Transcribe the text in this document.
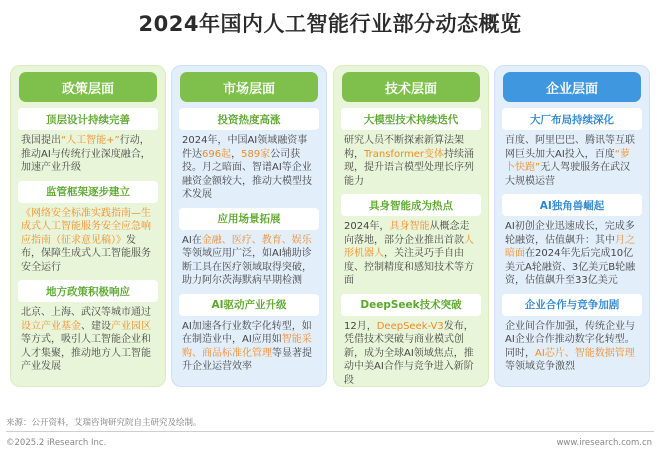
2024年国内人工智能行业部分动态概览
政策层面
顶层设计持续完善
我国提出“人工智能+”行动，推动AI与传统行业深度融合，加速产业升级
监管框架逐步建立
《网络安全标准实践指南—生成式人工智能服务安全应急响应指南（征求意见稿）》发布，保障生成式人工智能服务安全运行
地方政策积极响应
北京、上海、武汉等城市通过设立产业基金、建设产业园区等方式，吸引人工智能企业和人才集聚，推动地方人工智能产业发展
市场层面
投资热度高涨
2024年，中国AI领域融资事件达696起，589家公司获投。月之暗面、智谱AI等企业融资金额较大，推动大模型技术发展
应用场景拓展
AI在金融、医疗、教育、娱乐等领域应用广泛，如AI辅助诊断工具在医疗领域取得突破，助力阿尔茨海默病早期检测
AI驱动产业升级
AI加速各行业数字化转型，如在制造业中，AI应用如智能采购、商品标准化管理等显著提升企业运营效率
技术层面
大模型技术持续迭代
研究人员不断探索新算法架构，Transformer变体持续涌现，提升语言模型处理长序列能力
具身智能成为热点
2024年，具身智能从概念走向落地，部分企业推出首款人形机器人，关注灵巧手自由度、控制精度和感知技术等方面
DeepSeek技术突破
12月，DeepSeek-V3发布，凭借技术突破与商业模式创新，成为全球AI领域焦点，推动中美AI合作与竞争进入新阶段
企业层面
大厂布局持续深化
百度、阿里巴巴、腾讯等互联网巨头加大AI投入，百度“萝卜快跑”无人驾驶服务在武汉大规模运营
AI独角兽崛起
AI初创企业迅速成长，完成多轮融资，估值飙升：其中月之暗面在2024年先后完成10亿美元A轮融资、3亿美元B轮融资，估值飙升至33亿美元
企业合作与竞争加剧
企业间合作加强，传统企业与AI企业合作推动数字化转型。同时，AI芯片、智能数据管理等领域竞争激烈
来源：公开资料，艾瑞咨询研究院自主研究及绘制。
©2025.2 iResearch Inc.	www.iresearch.com.cn
